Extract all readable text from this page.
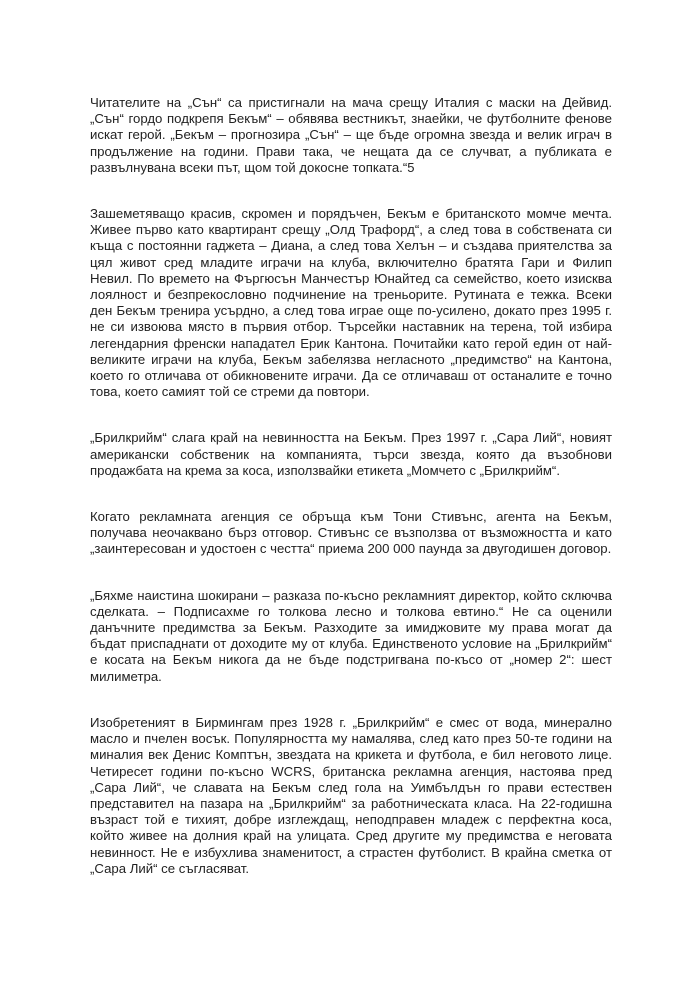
Читателите на „Сън“ са пристигнали на мача срещу Италия с маски на Дейвид. „Сън“ гордо подкрепя Бекъм“ – обявява вестникът, знаейки, че футболните фенове искат герой. „Бекъм – прогнозира „Сън“ – ще бъде огромна звезда и велик играч в продължение на години. Прави така, че нещата да се случват, а публиката е развълнувана всеки път, щом той докосне топката.“5

Зашеметяващо красив, скромен и порядъчен, Бекъм е британското момче мечта. Живее първо като квартирант срещу „Олд Трафорд“, а след това в собствената си къща с постоянни гаджета – Диана, а след това Хелън – и създава приятелства за цял живот сред младите играчи на клуба, включително братята Гари и Филип Невил. По времето на Фъргюсън Манчестър Юнайтед са семейство, което изисква лоялност и безпрекословно подчинение на треньорите. Рутината е тежка. Всеки ден Бекъм тренира усърдно, а след това играе още по-усилено, докато през 1995 г. не си извоюва място в първия отбор. Търсейки наставник на терена, той избира легендарния френски нападател Ерик Кантона. Почитайки като герой един от най-великите играчи на клуба, Бекъм забелязва негласното „предимство“ на Кантона, което го отличава от обикновените играчи. Да се отличаваш от останалите е точно това, което самият той се стреми да повтори.

„Брилкрийм“ слага край на невинността на Бекъм. През 1997 г. „Сара Лий“, новият американски собственик на компанията, търси звезда, която да възобнови продажбата на крема за коса, използвайки етикета „Момчето с „Брилкрийм“.

Когато рекламната агенция се обръща към Тони Стивънс, агента на Бекъм, получава неочаквано бърз отговор. Стивънс се възползва от възможността и като „заинтересован и удостоен с честта“ приема 200 000 паунда за двугодишен договор.

„Бяхме наистина шокирани – разказа по-късно рекламният директор, който сключва сделката. – Подписахме го толкова лесно и толкова евтино.“ Не са оценили данъчните предимства за Бекъм. Разходите за имиджовите му права могат да бъдат приспаднати от доходите му от клуба. Единственото условие на „Брилкрийм“ е косата на Бекъм никога да не бъде подстригвана по-късо от „номер 2“: шест милиметра.

Изобретеният в Бирмингам през 1928 г. „Брилкрийм“ е смес от вода, минерално масло и пчелен восък. Популярността му намалява, след като през 50-те години на миналия век Денис Комптън, звездата на крикета и футбола, е бил неговото лице. Четиресет години по-късно WCRS, британска рекламна агенция, настоява пред „Сара Лий“, че славата на Бекъм след гола на Уимбълдън го прави естествен представител на пазара на „Брилкрийм“ за работническата класа. На 22-годишна възраст той е тихият, добре изглеждащ, неподправен младеж с перфектна коса, който живее на долния край на улицата. Сред другите му предимства е неговата невинност. Не е избухлива знаменитост, а страстен футболист. В крайна сметка от „Сара Лий“ се съгласяват.
